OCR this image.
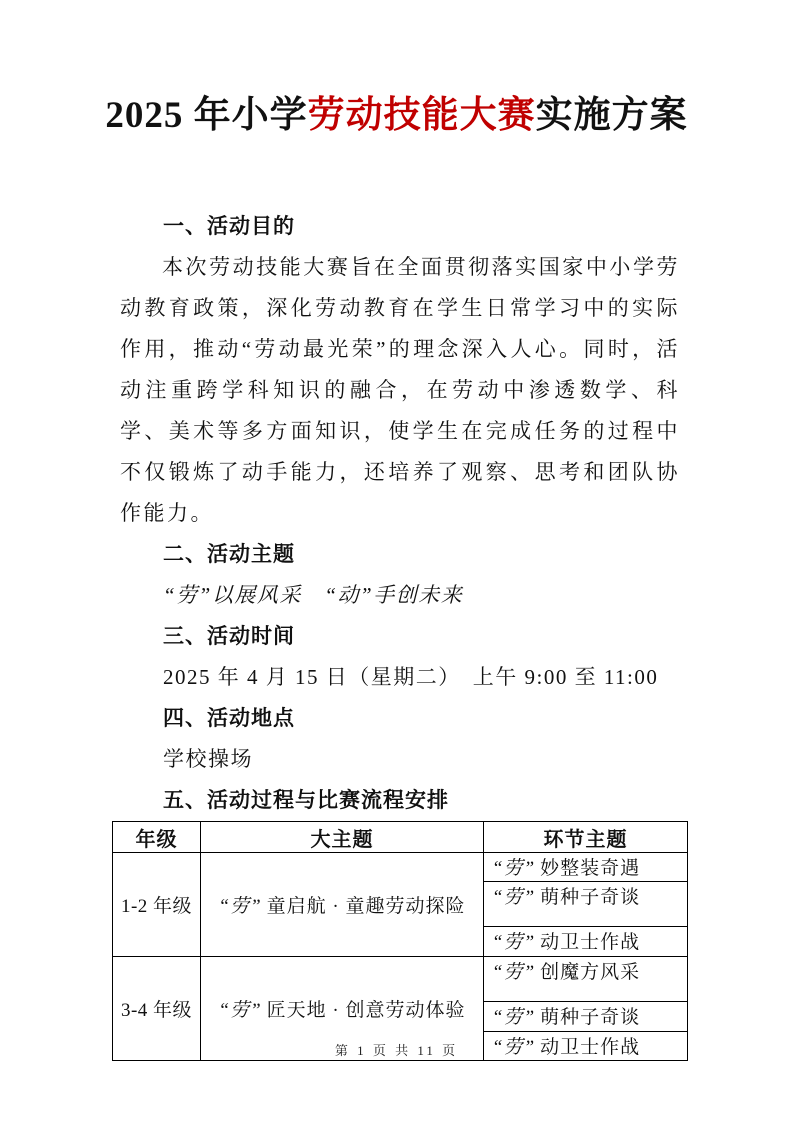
2025 年小学劳动技能大赛实施方案
一、活动目的

本次劳动技能大赛旨在全面贯彻落实国家中小学劳动教育政策，深化劳动教育在学生日常学习中的实际作用，推动“劳动最光荣”的理念深入人心。同时，活动注重跨学科知识的融合，在劳动中渗透数学、科学、美术等多方面知识，使学生在完成任务的过程中不仅锻炼了动手能力，还培养了观察、思考和团队协作能力。

二、活动主题

“劳”以展风采　“动”手创未来

三、活动时间

2025 年 4 月 15 日（星期二）　上午 9:00 至 11:00

四、活动地点

学校操场

五、活动过程与比赛流程安排
年级	大主题	环节主题
1-2 年级	“劳” 童启航 · 童趣劳动探险	“劳” 妙整装奇遇
		“劳” 萌种子奇谈
		“劳” 动卫士作战
3-4 年级	“劳” 匠天地 · 创意劳动体验	“劳” 创魔方风采
		“劳” 萌种子奇谈
		“劳” 动卫士作战
第 1 页 共 11 页
